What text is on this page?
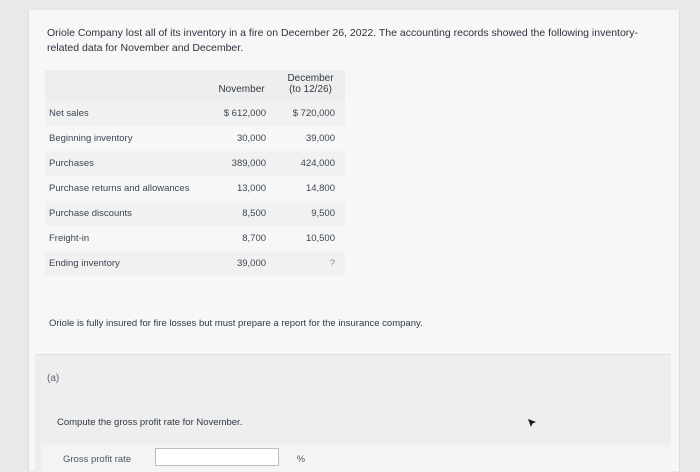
Oriole Company lost all of its inventory in a fire on December 26, 2022. The accounting records showed the following inventory-related data for November and December.
	November	December
(to 12/26)

Net sales	$ 612,000	$ 720,000
Beginning inventory	30,000	39,000
Purchases	389,000	424,000
Purchase returns and allowances	13,000	14,800
Purchase discounts	8,500	9,500
Freight-in	8,700	10,500
Ending inventory	39,000	?
Oriole is fully insured for fire losses but must prepare a report for the insurance company.
(a)
Compute the gross profit rate for November.
Gross profit rate	%
